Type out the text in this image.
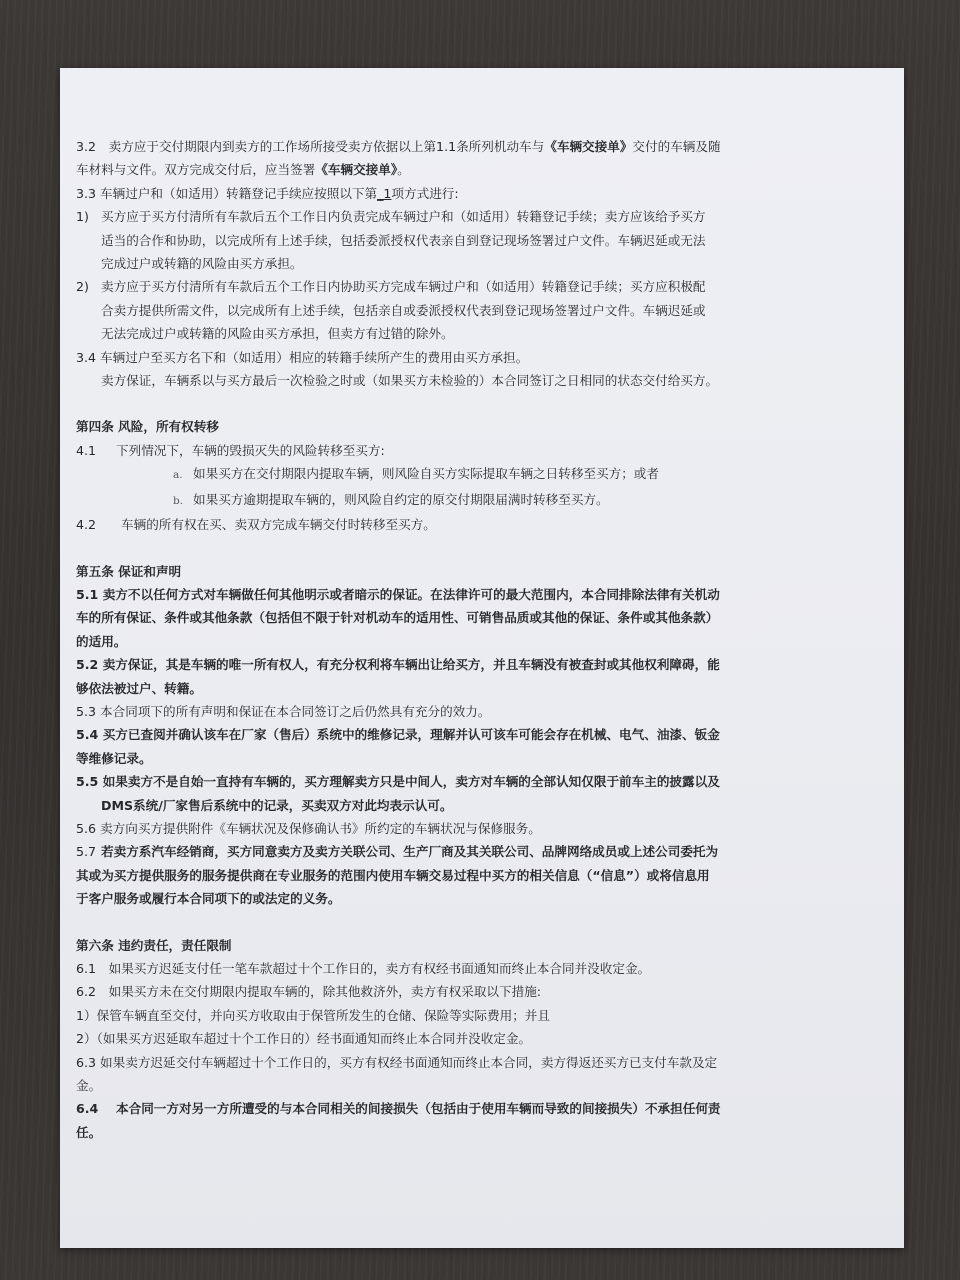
3.2　卖方应于交付期限内到卖方的工作场所接受卖方依据以上第1.1条所列机动车与《车辆交接单》交付的车辆及随
车材料与文件。双方完成交付后，应当签署《车辆交接单》。
3.3 车辆过户和（如适用）转籍登记手续应按照以下第_1项方式进行:
1) 买方应于买方付清所有车款后五个工作日内负责完成车辆过户和（如适用）转籍登记手续；卖方应该给予买方
适当的合作和协助，以完成所有上述手续，包括委派授权代表亲自到登记现场签署过户文件。车辆迟延或无法
完成过户或转籍的风险由买方承担。
2) 卖方应于买方付清所有车款后五个工作日内协助买方完成车辆过户和（如适用）转籍登记手续；买方应积极配
合卖方提供所需文件，以完成所有上述手续，包括亲自或委派授权代表到登记现场签署过户文件。车辆迟延或
无法完成过户或转籍的风险由买方承担，但卖方有过错的除外。
3.4 车辆过户至买方名下和（如适用）相应的转籍手续所产生的费用由买方承担。
卖方保证，车辆系以与买方最后一次检验之时或（如果买方未检验的）本合同签订之日相同的状态交付给买方。
第四条 风险，所有权转移
4.1 下列情况下，车辆的毁损灭失的风险转移至买方:
a. 如果买方在交付期限内提取车辆，则风险自买方实际提取车辆之日转移至买方；或者
b. 如果买方逾期提取车辆的，则风险自约定的原交付期限届满时转移至买方。
4.2 车辆的所有权在买、卖双方完成车辆交付时转移至买方。
第五条 保证和声明
5.1 卖方不以任何方式对车辆做任何其他明示或者暗示的保证。在法律许可的最大范围内，本合同排除法律有关机动
车的所有保证、条件或其他条款（包括但不限于针对机动车的适用性、可销售品质或其他的保证、条件或其他条款）
的适用。
5.2 卖方保证，其是车辆的唯一所有权人，有充分权利将车辆出让给买方，并且车辆没有被查封或其他权利障碍，能
够依法被过户、转籍。
5.3 本合同项下的所有声明和保证在本合同签订之后仍然具有充分的效力。
5.4 买方已查阅并确认该车在厂家（售后）系统中的维修记录，理解并认可该车可能会存在机械、电气、油漆、钣金
等维修记录。
5.5 如果卖方不是自始一直持有车辆的，买方理解卖方只是中间人，卖方对车辆的全部认知仅限于前车主的披露以及
DMS系统/厂家售后系统中的记录，买卖双方对此均表示认可。
5.6 卖方向买方提供附件《车辆状况及保修确认书》所约定的车辆状况与保修服务。
5.7 若卖方系汽车经销商，买方同意卖方及卖方关联公司、生产厂商及其关联公司、品牌网络成员或上述公司委托为
其或为买方提供服务的服务提供商在专业服务的范围内使用车辆交易过程中买方的相关信息（“信息”）或将信息用
于客户服务或履行本合同项下的或法定的义务。
第六条 违约责任，责任限制
6.1　如果买方迟延支付任一笔车款超过十个工作日的，卖方有权经书面通知而终止本合同并没收定金。
6.2　如果买方未在交付期限内提取车辆的，除其他救济外，卖方有权采取以下措施:
1）保管车辆直至交付，并向买方收取由于保管所发生的仓储、保险等实际费用；并且
2）（如果买方迟延取车超过十个工作日的）经书面通知而终止本合同并没收定金。
6.3 如果卖方迟延交付车辆超过十个工作日的，买方有权经书面通知而终止本合同，卖方得返还买方已支付车款及定
金。
6.4 本合同一方对另一方所遭受的与本合同相关的间接损失（包括由于使用车辆而导致的间接损失）不承担任何责
任。
